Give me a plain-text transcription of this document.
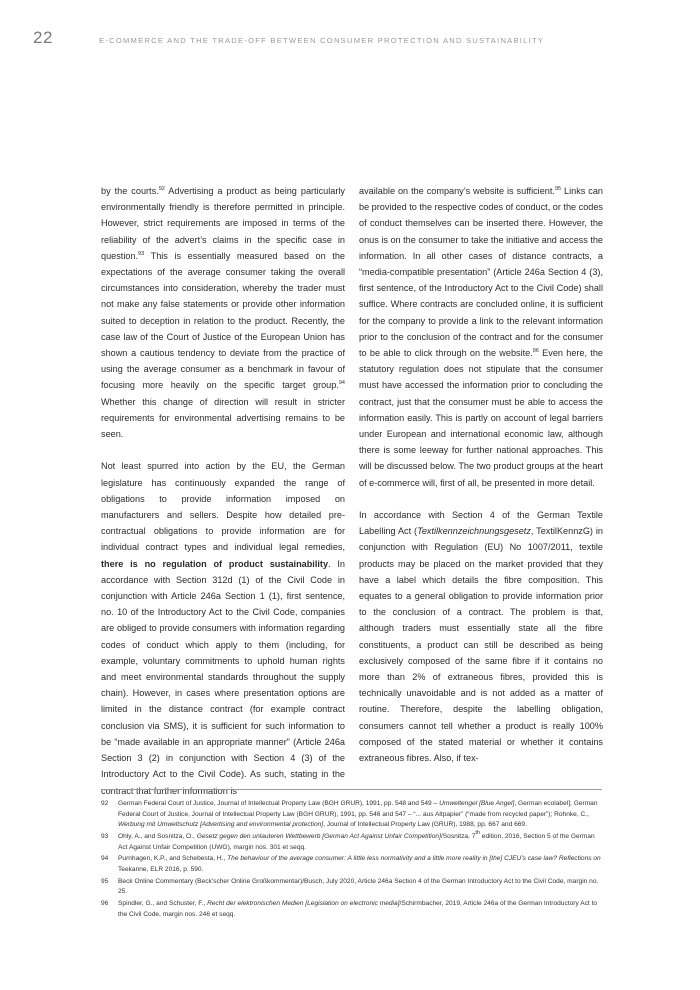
22	E-COMMERCE AND THE TRADE-OFF BETWEEN CONSUMER PROTECTION AND SUSTAINABILITY

by the courts.$^{92}$ Advertising a product as being particularly environmentally friendly is therefore permitted in principle. However, strict requirements are imposed in terms of the reliability of the advert’s claims in the specific case in question.$^{93}$ This is essentially measured based on the expectations of the average consumer taking the overall circumstances into consideration, whereby the trader must not make any false statements or provide other information suited to deception in relation to the product. Recently, the case law of the Court of Justice of the European Union has shown a cautious tendency to deviate from the practice of using the average consumer as a benchmark in favour of focusing more heavily on the specific target group.$^{94}$ Whether this change of direction will result in stricter requirements for environmental advertising remains to be seen.

Not least spurred into action by the EU, the German legislature has continuously expanded the range of obligations to provide information imposed on manufacturers and sellers. Despite how detailed pre-contractual obligations to provide information are for individual contract types and individual legal remedies, there is no regulation of product sustainability. In accordance with Section 312d (1) of the Civil Code in conjunction with Article 246a Section 1 (1), first sentence, no. 10 of the Introductory Act to the Civil Code, companies are obliged to provide consumers with information regarding codes of conduct which apply to them (including, for example, voluntary commitments to uphold human rights and meet environmental standards throughout the supply chain). However, in cases where presentation options are limited in the distance contract (for example contract conclusion via SMS), it is sufficient for such information to be “made available in an appropriate manner” (Article 246a Section 3 (2) in conjunction with Section 4 (3) of the Introductory Act to the Civil Code). As such, stating in the contract that further information is

available on the company’s website is sufficient.$^{95}$ Links can be provided to the respective codes of conduct, or the codes of conduct themselves can be inserted there. However, the onus is on the consumer to take the initiative and access the information. In all other cases of distance contracts, a “media-compatible presentation” (Article 246a Section 4 (3), first sentence, of the Introductory Act to the Civil Code) shall suffice. Where contracts are concluded online, it is sufficient for the company to provide a link to the relevant information prior to the conclusion of the contract and for the consumer to be able to click through on the website.$^{96}$ Even here, the statutory regulation does not stipulate that the consumer must have accessed the information prior to concluding the contract, just that the consumer must be able to access the information easily. This is partly on account of legal barriers under European and international economic law, although there is some leeway for further national approaches. This will be discussed below. The two product groups at the heart of e-commerce will, first of all, be presented in more detail.

In accordance with Section 4 of the German Textile Labelling Act (Textilkennzeichnungsgesetz, TextilKennzG) in conjunction with Regulation (EU) No 1007/2011, textile products may be placed on the market provided that they have a label which details the fibre composition. This equates to a general obligation to provide information prior to the conclusion of a contract. The problem is that, although traders must essentially state all the fibre constituents, a product can still be described as being exclusively composed of the same fibre if it contains no more than 2% of extraneous fibres, provided this is technically unavoidable and is not added as a matter of routine. Therefore, despite the labelling obligation, consumers cannot tell whether a product is really 100% composed of the stated material or whether it contains extraneous fibres. Also, if tex-

92 German Federal Court of Justice, Journal of Intellectual Property Law (BGH GRUR), 1991, pp. 548 and 549 – Umweltengel [Blue Angel], German ecolabel]; German Federal Court of Justice, Journal of Intellectual Property Law (BGH GRUR), 1991, pp. 546 and 547 – “... aus Altpapier” (“made from recycled paper”); Rohnke, C., Werbung mit Umweltschutz [Advertising and environmental protection], Journal of Intellectual Property Law (GRUR), 1988, pp. 667 and 669.
93 Ohly, A., and Sosnitza, O., Gesetz gegen den unlauteren Wettbewerb [German Act Against Unfair Competition]/Sosnitza, 7th edition, 2016, Section 5 of the German Act Against Unfair Competition (UWG), margin nos. 301 et seqq.
94 Purnhagen, K.P., and Schebesta, H., The behaviour of the average consumer: A little less normativity and a little more reality in [the] CJEU’s case law? Reflections on Teekanne, ELR 2016, p. 590.
95 Beck Online Commentary (Beck’scher Online Großkommentar)/Busch, July 2020, Article 246a Section 4 of the German Introductory Act to the Civil Code, margin no. 25.
96 Spindler, G., and Schuster, F., Recht der elektronischen Medien [Legislation on electronic media]/Schirmbacher, 2019, Article 246a of the German Introductory Act to the Civil Code, margin nos. 246 et seqq.
